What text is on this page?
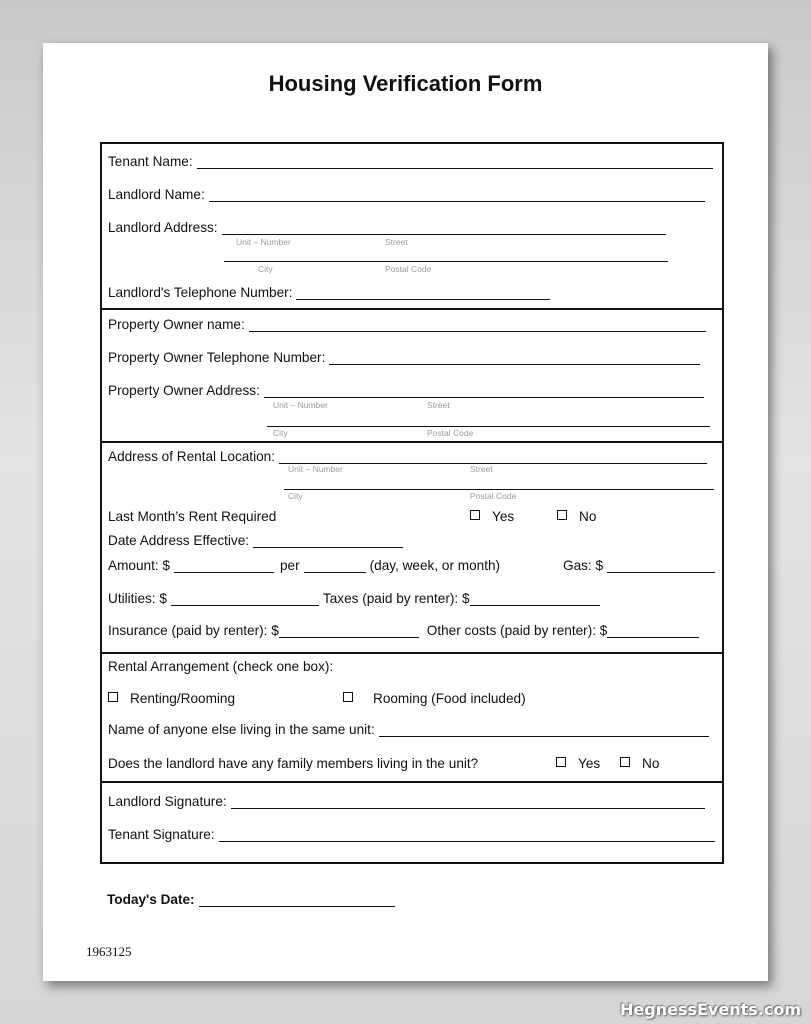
Housing Verification Form
Tenant Name:
Landlord Name:
Landlord Address:
Unit – Number	Street
City	Postal Code
Landlord's Telephone Number:
Property Owner name:
Property Owner Telephone Number:
Property Owner Address:
Unit – Number	Street
City	Postal Code
Address of Rental Location:
Unit – Number	Street
City	Postal Code
Last Month’s Rent Required	Yes	No
Date Address Effective:
Amount: $	per	(day, week, or month)	Gas: $
Utilities: $	Taxes (paid by renter): $
Insurance (paid by renter): $	Other costs (paid by renter): $
Rental Arrangement (check one box):
Renting/Rooming	Rooming (Food included)
Name of anyone else living in the same unit:
Does the landlord have any family members living in the unit?	Yes	No
Landlord Signature:
Tenant Signature:
Today's Date:
1963125
HegnessEvents.com
